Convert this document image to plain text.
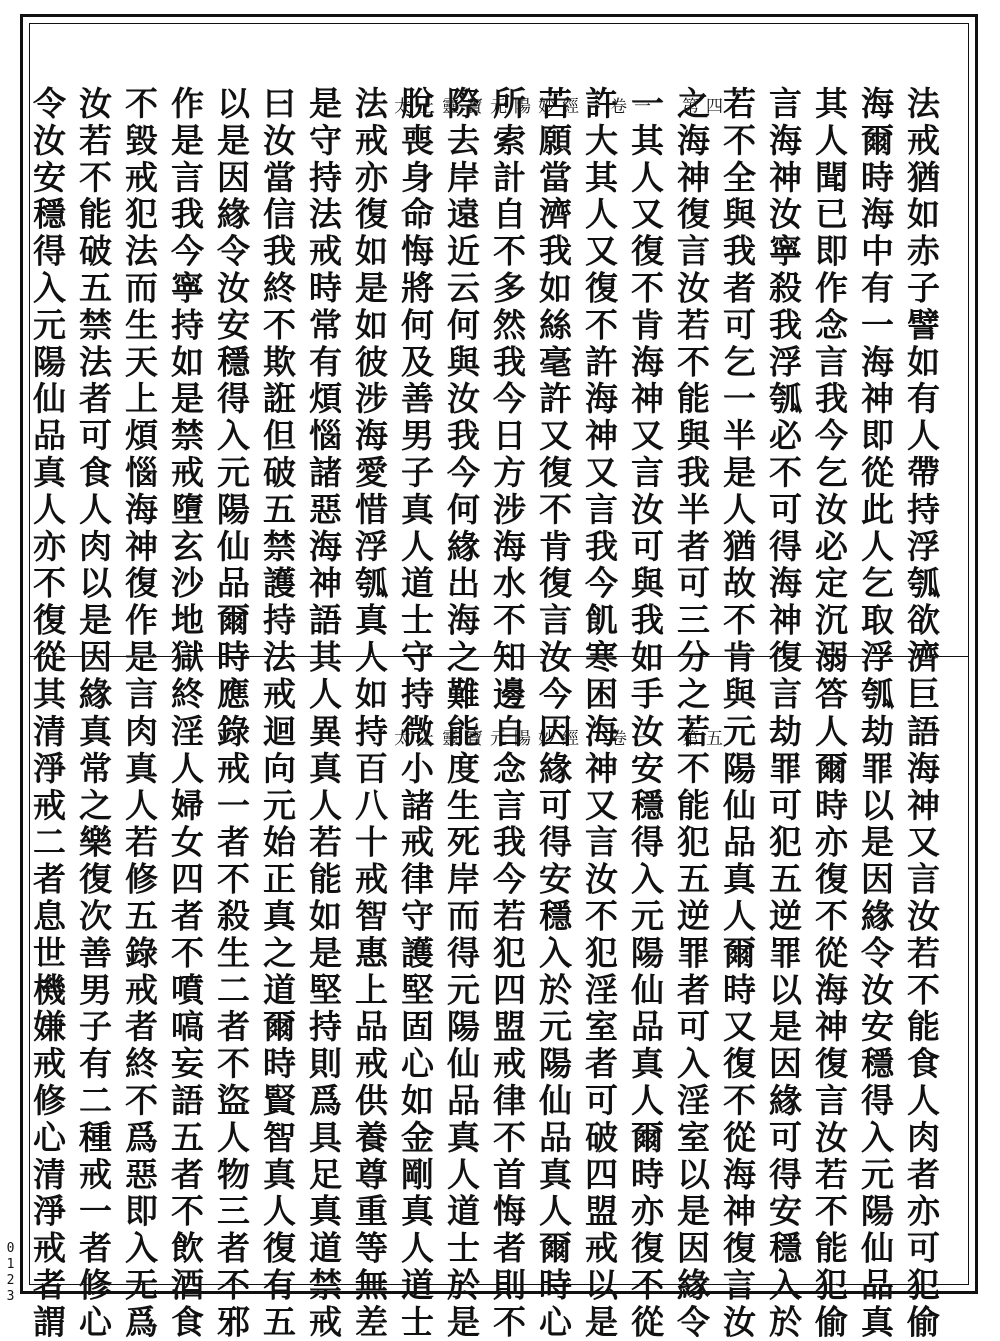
太上靈寶元陽妙經　卷一　第四	法戒猶如赤子譬如有人帶持浮瓠欲濟巨
海爾時海中有一海神即從此人乞取浮瓠
其人聞已即作念言我今乞汝必定沉溺答
言海神汝寧殺我浮瓠必不可得海神復言
若不全與我者可乞一半是人猶故不肯與
之海神復言汝若不能與我半者可三分之
一其人又復不肯海神又言汝可與我如手
許大其人又復不許海神又言我今飢寒困
苦願當濟我如絲毫許又復不肯復言汝今
所索計自不多然我今日方涉海水不知邊
際去岸遠近云何與汝我今何緣出海之難
脫喪身命悔將何及善男子真人道士守持
法戒亦復如是如彼涉海愛惜浮瓠真人如
是守持法戒時常有煩惱諸惡海神語其人
曰汝當信我終不欺誑但破五禁護持法戒
以是因緣令汝安穩得入元陽仙品爾時應
作是言我今寧持如是禁戒墮玄沙地獄終
不毀戒犯法而生天上煩惱海神復作是言
汝若不能破五禁法者可食人肉以是因緣
令汝安穩得入元陽仙品真人亦不復從其
太上靈寶元陽妙經　卷一　第五	語海神又言汝若不能食人肉者亦可犯偷
劫罪以是因緣令汝安穩得入元陽仙品真
人爾時亦復不從海神復言汝若不能犯偷
劫罪可犯五逆罪以是因緣可得安穩入於
元陽仙品真人爾時又復不從海神復言汝
若不能犯五逆罪者可入淫室以是因緣令
汝安穩得入元陽仙品真人爾時亦復不從
海神又言汝不犯淫室者可破四盟戒以是
因緣可得安穩入於元陽仙品真人爾時心
自念言我今若犯四盟戒律不首悔者則不
能度生死岸而得元陽仙品真人道士於是
微小諸戒律守護堅固心如金剛真人道士
持百八十戒智惠上品戒供養尊重等無差
異真人若能如是堅持則爲具足真道禁戒
迴向元始正真之道爾時賢智真人復有五
錄戒一者不殺生二者不盜人物三者不邪
淫人婦女四者不噴嗃妄語五者不飲酒食
肉真人若修五錄戒者終不爲惡即入无爲
真常之樂復次善男子有二種戒一者修心
清淨戒二者息世機嫌戒修心清淨戒者謂
0123
